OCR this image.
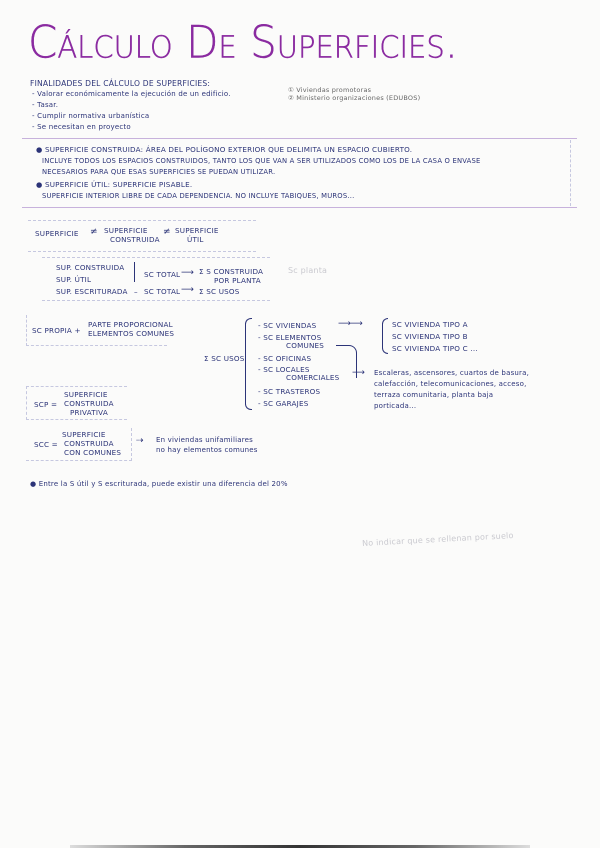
Cálculo De Superficies.
FINALIDADES DEL CÁLCULO DE SUPERFICIES:
- Valorar económicamente la ejecución de un edificio.
- Tasar.
- Cumplir normativa urbanística
- Se necesitan en proyecto
① Viviendas promotoras
② Ministerio organizaciones (EDUBOS)
● SUPERFICIE CONSTRUIDA: ÁREA DEL POLÍGONO EXTERIOR QUE DELIMITA UN ESPACIO CUBIERTO.
INCLUYE TODOS LOS ESPACIOS CONSTRUIDOS, TANTO LOS QUE VAN A SER UTILIZADOS COMO LOS DE LA CASA O ENVASE
NECESARIOS PARA QUE ESAS SUPERFICIES SE PUEDAN UTILIZAR.
● SUPERFICIE ÚTIL: SUPERFICIE PISABLE.
SUPERFICIE INTERIOR LIBRE DE CADA DEPENDENCIA. NO INCLUYE TABIQUES, MUROS...
SUPERFICIE ≠ SUPERFICIE
CONSTRUIDA
≠ SUPERFICIE
ÚTIL
SUP. CONSTRUIDA
SUP. ÚTIL
SUP. ESCRITURADA
SC TOTAL ⟶ Σ S CONSTRUIDA
POR PLANTA
– SC TOTAL ⟶ Σ SC USOS
Sc planta
SC PROPIA +
PARTE PROPORCIONAL
ELEMENTOS COMUNES
Σ SC USOS
- SC VIVIENDAS
- SC ELEMENTOS
COMUNES
- SC OFICINAS
- SC LOCALES
COMERCIALES
- SC TRASTEROS
- SC GARAJES
⟶⟶	SC VIVIENDA TIPO A
SC VIVIENDA TIPO B
SC VIVIENDA TIPO C ...
⟶ Escaleras, ascensores, cuartos de basura,
calefacción, telecomunicaciones, acceso,
terraza comunitaria, planta baja
porticada...
SCP =
SUPERFICIE
CONSTRUIDA
PRIVATIVA
SCC =
SUPERFICIE
CONSTRUIDA
CON COMUNES
⇢ En viviendas unifamiliares
no hay elementos comunes
● Entre la S útil y S escriturada, puede existir una diferencia del 20%
No indicar que se rellenan por suelo
